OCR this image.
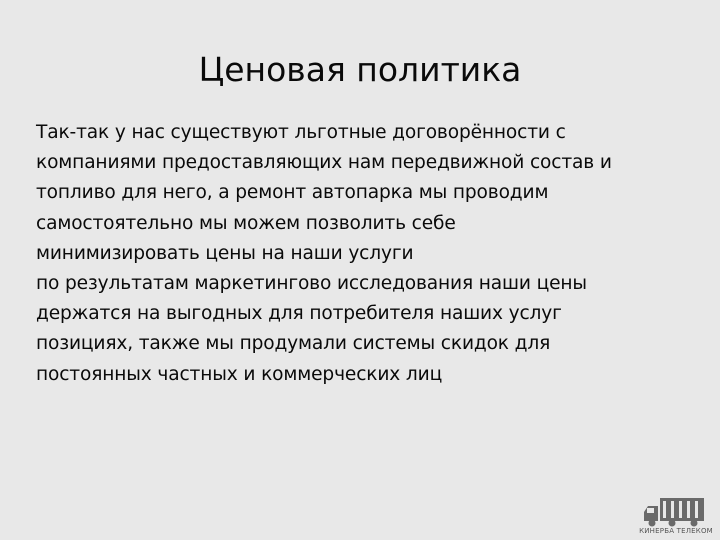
Ценовая политика
Так-так у нас существуют льготные договорённости с
компаниями предоставляющих нам передвижной состав и
топливо для него, а ремонт автопарка мы проводим
самостоятельно мы можем позволить себе
минимизировать цены на наши услуги
по результатам маркетингово исследования наши цены
держатся на выгодных для потребителя наших услуг
позициях, также мы продумали системы скидок для
постоянных частных и коммерческих лиц
КИНЕРБА ТЕЛЕКОМ
